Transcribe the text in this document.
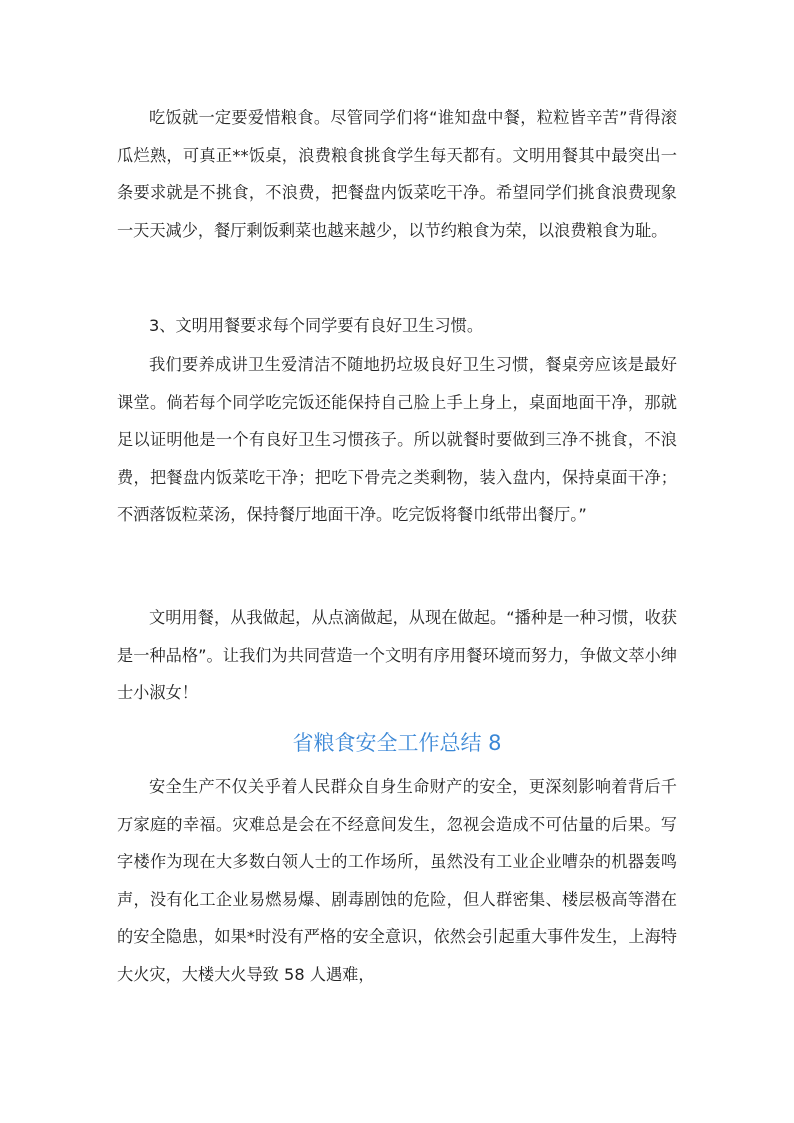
吃饭就一定要爱惜粮食。尽管同学们将“谁知盘中餐，粒粒皆辛苦”背得滚瓜烂熟，可真正**饭桌，浪费粮食挑食学生每天都有。文明用餐其中最突出一条要求就是不挑食，不浪费，把餐盘内饭菜吃干净。希望同学们挑食浪费现象一天天减少，餐厅剩饭剩菜也越来越少，以节约粮食为荣，以浪费粮食为耻。

3、文明用餐要求每个同学要有良好卫生习惯。

我们要养成讲卫生爱清洁不随地扔垃圾良好卫生习惯，餐桌旁应该是最好课堂。倘若每个同学吃完饭还能保持自己脸上手上身上，桌面地面干净，那就足以证明他是一个有良好卫生习惯孩子。所以就餐时要做到三净不挑食，不浪费，把餐盘内饭菜吃干净；把吃下骨壳之类剩物，装入盘内，保持桌面干净；不洒落饭粒菜汤，保持餐厅地面干净。吃完饭将餐巾纸带出餐厅。”

文明用餐，从我做起，从点滴做起，从现在做起。“播种是一种习惯，收获是一种品格”。让我们为共同营造一个文明有序用餐环境而努力，争做文萃小绅士小淑女！

省粮食安全工作总结 8

安全生产不仅关乎着人民群众自身生命财产的安全，更深刻影响着背后千万家庭的幸福。灾难总是会在不经意间发生，忽视会造成不可估量的后果。写字楼作为现在大多数白领人士的工作场所，虽然没有工业企业嘈杂的机器轰鸣声，没有化工企业易燃易爆、剧毒剧蚀的危险，但人群密集、楼层极高等潜在的安全隐患，如果*时没有严格的安全意识，依然会引起重大事件发生，上海特大火灾，大楼大火导致 58 人遇难，
